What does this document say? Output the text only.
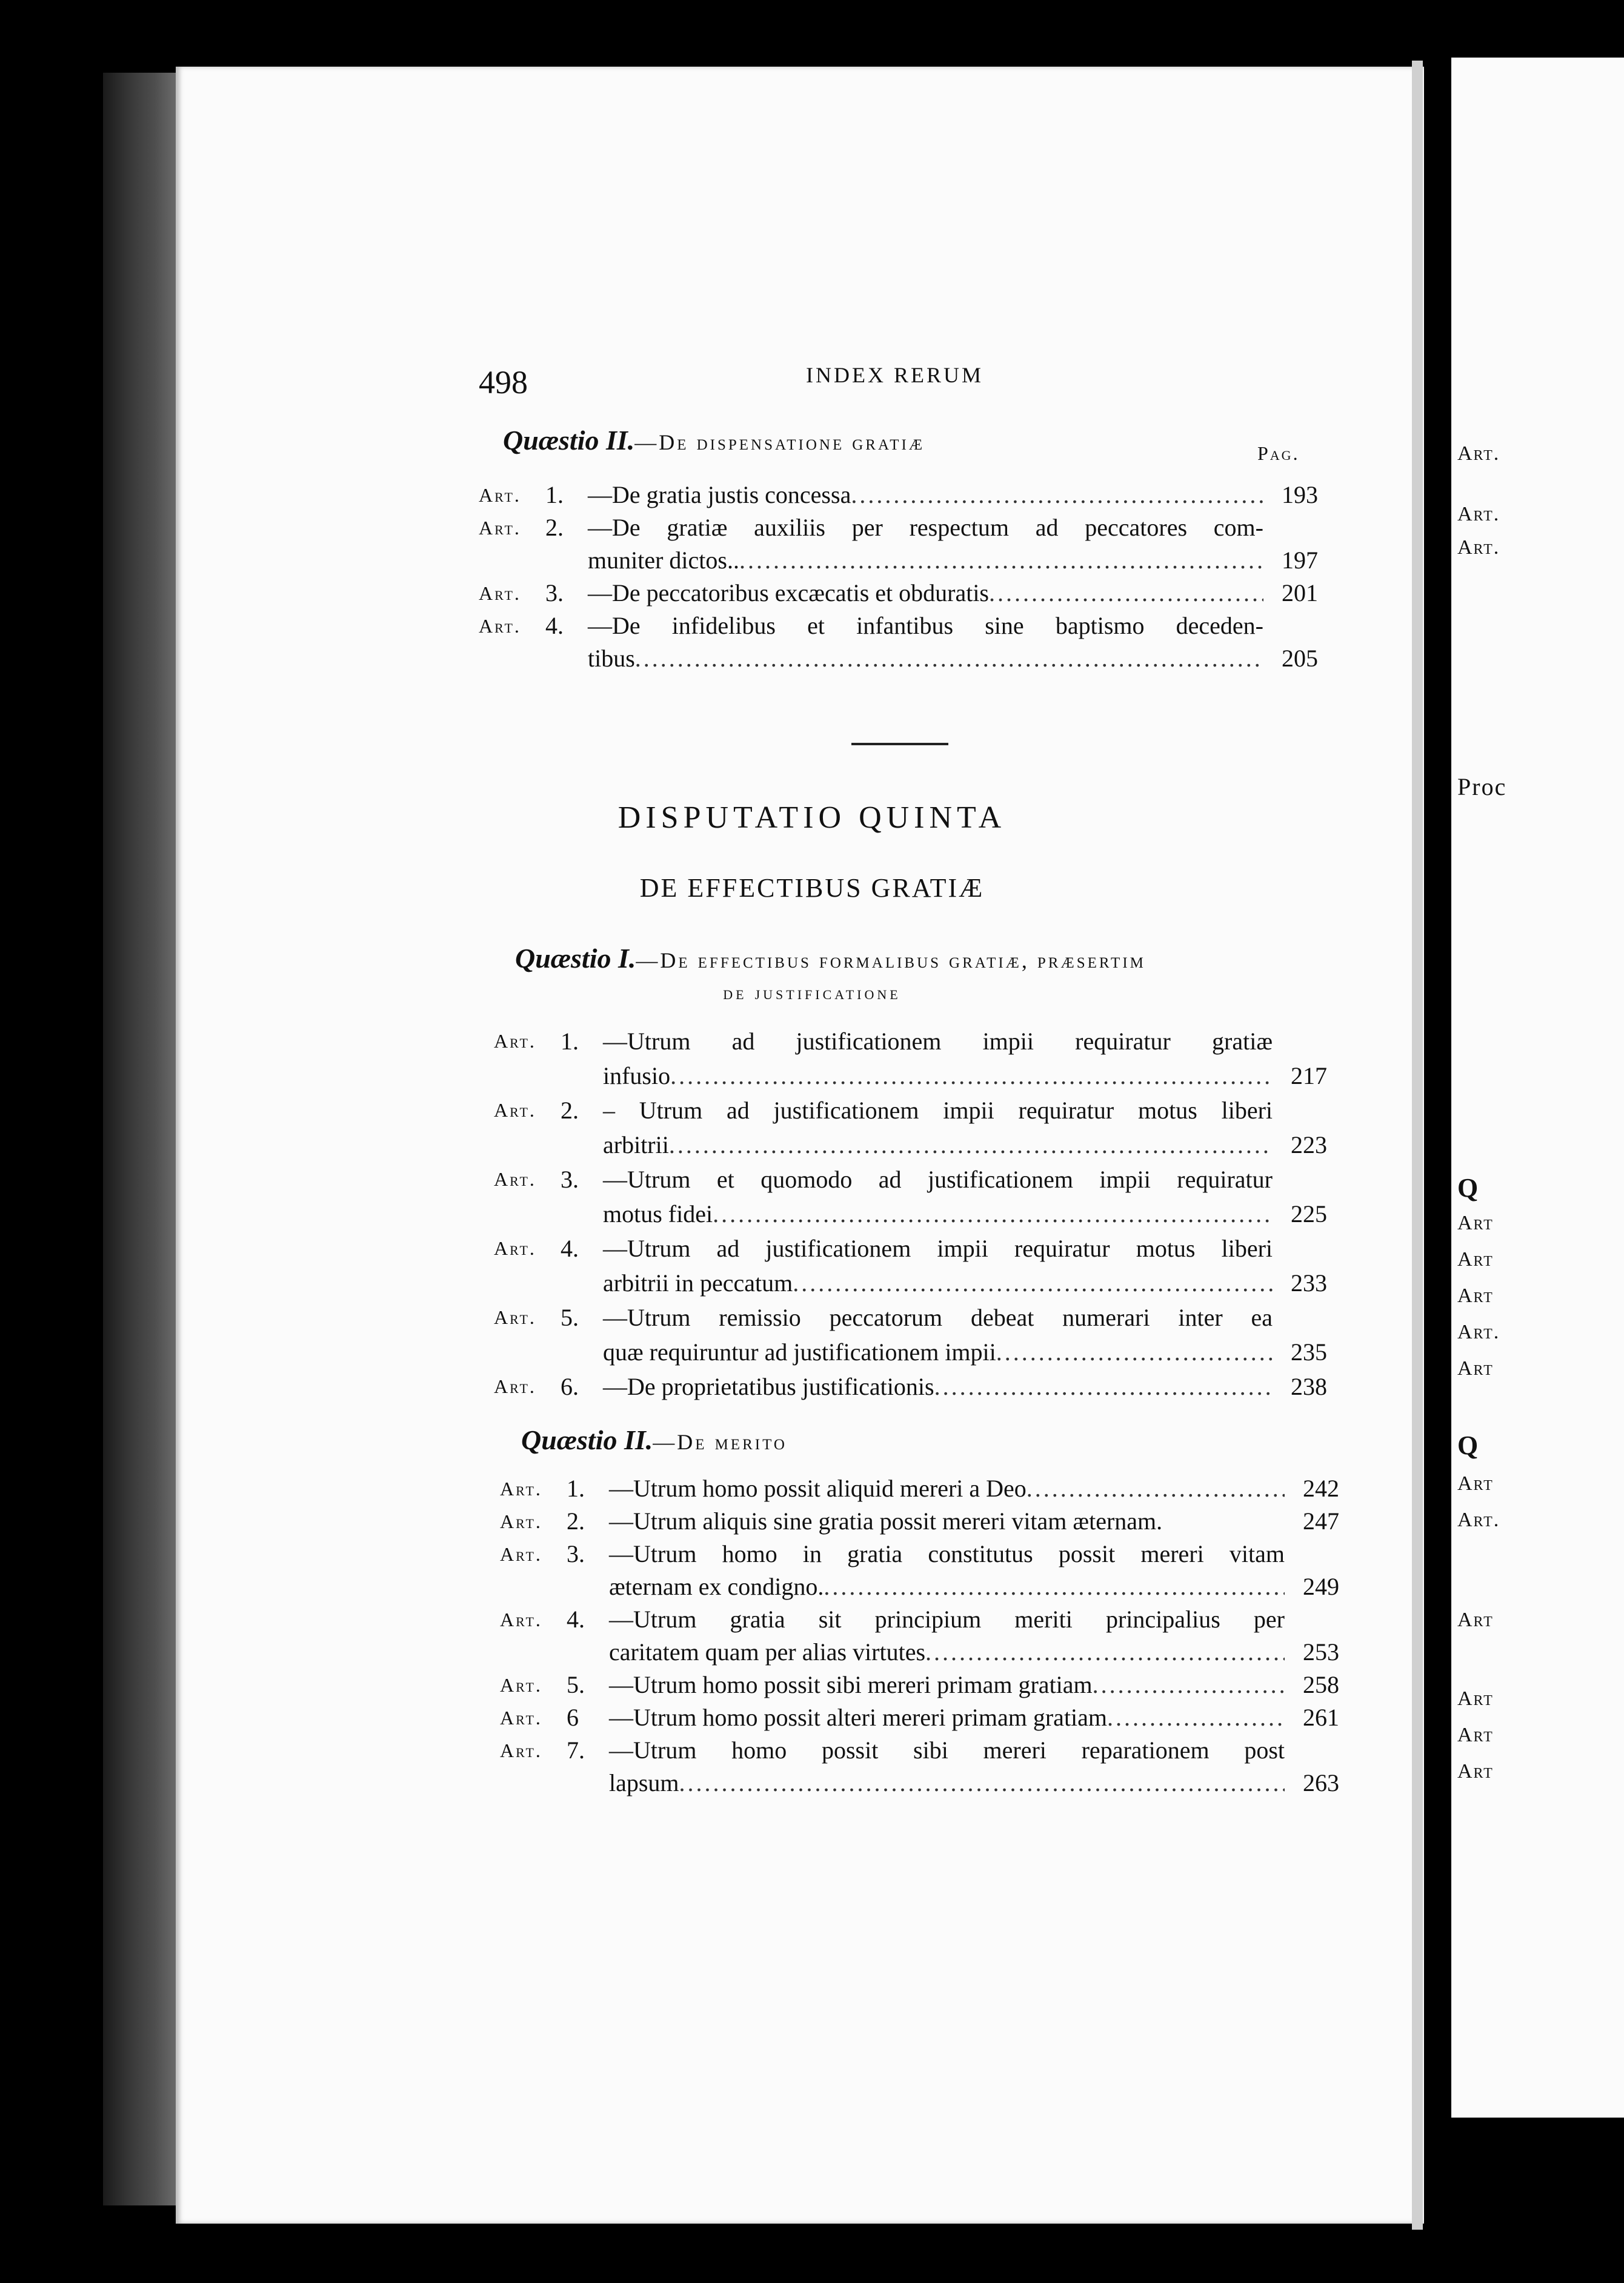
Art.
Art.
Art.
Proc
Q
Art
Art
Art
Art.
Art
Q
Art
Art.
Art
Art
Art
Art
498	INDEX RERUM
Quæstio II.—De dispensatione gratiæ	Pag.
Art.	1.	—De gratia justis concessa .....	193
Art.	2.	—De gratiæ auxiliis per respectum ad peccatores com-
muniter dictos.. .....	197
Art.	3.	—De peccatoribus excæcatis et obduratis .....	201
Art.	4.	—De infidelibus et infantibus sine baptismo deceden-
tibus .....	205
DISPUTATIO QUINTA
DE EFFECTIBUS GRATIÆ
Quæstio I.—De effectibus formalibus gratiæ, præsertim
de justificatione
Art.	1.	—Utrum ad justificationem impii requiratur gratiæ
infusio .....	217
Art.	2.	– Utrum ad justificationem impii requiratur motus liberi
arbitrii .....	223
Art.	3.	—Utrum et quomodo ad justificationem impii requiratur
motus fidei .....	225
Art.	4.	—Utrum ad justificationem impii requiratur motus liberi
arbitrii in peccatum .....	233
Art.	5.	—Utrum remissio peccatorum debeat numerari inter ea
quæ requiruntur ad justificationem impii .....	235
Art.	6.	—De proprietatibus justificationis .....	238
Quæstio II.—De merito
Art.	1.	—Utrum homo possit aliquid mereri a Deo .....	242
Art.	2.	—Utrum aliquis sine gratia possit mereri vitam æternam.	247
Art.	3.	—Utrum homo in gratia constitutus possit mereri vitam
æternam ex condigno. .....	249
Art.	4.	—Utrum gratia sit principium meriti principalius per
caritatem quam per alias virtutes .....	253
Art.	5.	—Utrum homo possit sibi mereri primam gratiam .....	258
Art.	6	—Utrum homo possit alteri mereri primam gratiam .....	261
Art.	7.	—Utrum homo possit sibi mereri reparationem post
lapsum .....	263
